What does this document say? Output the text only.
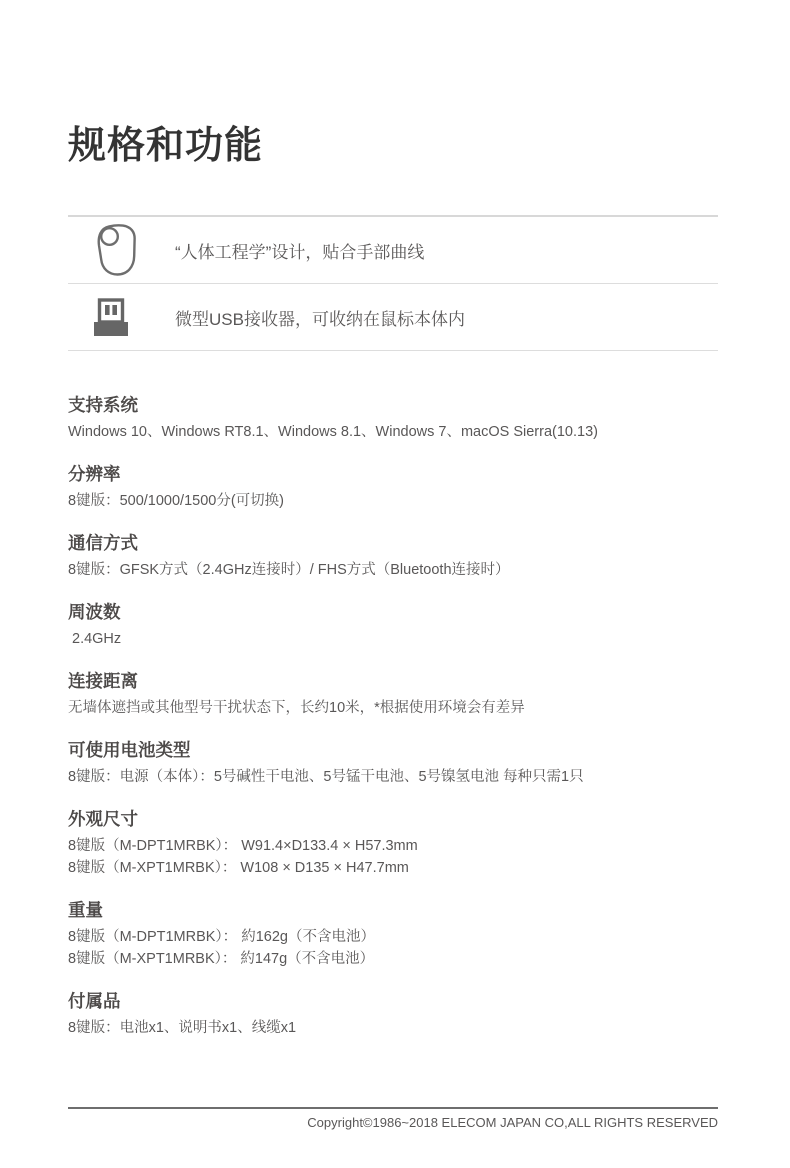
规格和功能
“人体工程学”设计，贴合手部曲线
微型USB接收器，可收纳在鼠标本体内
支持系统

Windows 10、Windows RT8.1、Windows 8.1、Windows 7、macOS Sierra(10.13)

分辨率

8键版：500/1000/1500分(可切换)

通信方式

8键版：GFSK方式（2.4GHz连接时）/ FHS方式（Bluetooth连接时）

周波数

2.4GHz

连接距离

无墙体遮挡或其他型号干扰状态下，长约10米，*根据使用环境会有差异

可使用电池类型

8键版：电源（本体）：5号碱性干电池、5号锰干电池、5号镍氢电池 每种只需1只

外观尺寸

8键版（M-DPT1MRBK）： W91.4×D133.4 × H57.3mm

8键版（M-XPT1MRBK）： W108 × D135 × H47.7mm

重量

8键版（M-DPT1MRBK）： 約162g（不含电池）

8键版（M-XPT1MRBK）： 約147g（不含电池）

付属品

8键版：电池x1、说明书x1、线缆x1

Copyright©1986~2018 ELECOM JAPAN CO,ALL RIGHTS RESERVED
